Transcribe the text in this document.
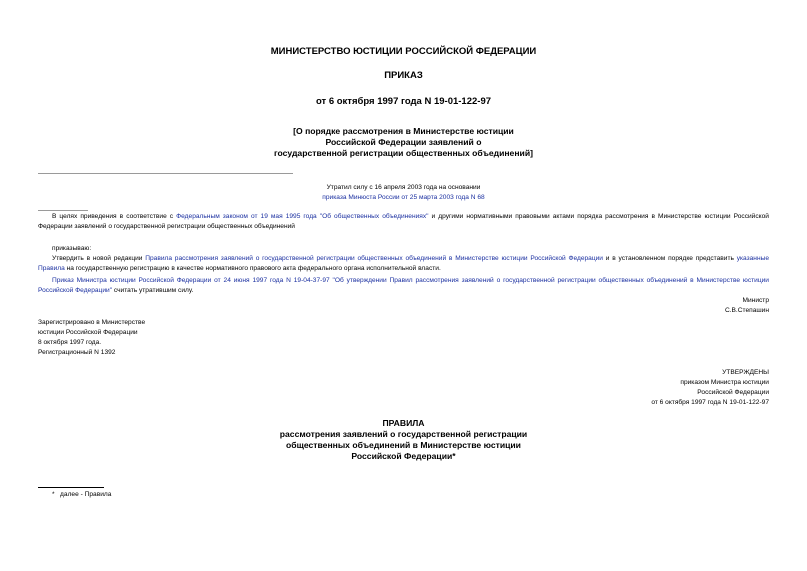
МИНИСТЕРСТВО ЮСТИЦИИ РОССИЙСКОЙ ФЕДЕРАЦИИ
ПРИКАЗ
от 6 октября 1997 года N 19-01-122-97
[О порядке рассмотрения в Министерстве юстиции
Российской Федерации заявлений о
государственной регистрации общественных объединений]
Утратил силу с 16 апреля 2003 года на основании
приказа Минюста России от 25 марта 2003 года N 68
В целях приведения в соответствие с Федеральным законом от 19 мая 1995 года "Об общественных объединениях" и другими нормативными правовыми актами порядка рассмотрения в Министерстве юстиции Российской Федерации заявлений о государственной регистрации общественных объединений
приказываю:
Утвердить в новой редакции Правила рассмотрения заявлений о государственной регистрации общественных объединений в Министерстве юстиции Российской Федерации и в установленном порядке представить указанные Правила на государственную регистрацию в качестве нормативного правового акта федерального органа исполнительной власти.
Приказ Министра юстиции Российской Федерации от 24 июня 1997 года N 19-04-37-97 "Об утверждении Правил рассмотрения заявлений о государственной регистрации общественных объединений в Министерстве юстиции Российской Федерации" считать утратившим силу.
Министр
С.В.Степашин
Зарегистрировано в Министерстве
юстиции Российской Федерации
8 октября 1997 года.
Регистрационный N 1392
УТВЕРЖДЕНЫ
приказом Министра юстиции
Российской Федерации
от 6 октября 1997 года N 19-01-122-97
ПРАВИЛА
рассмотрения заявлений о государственной регистрации
общественных объединений в Министерстве юстиции
Российской Федерации*
*   далее - Правила
